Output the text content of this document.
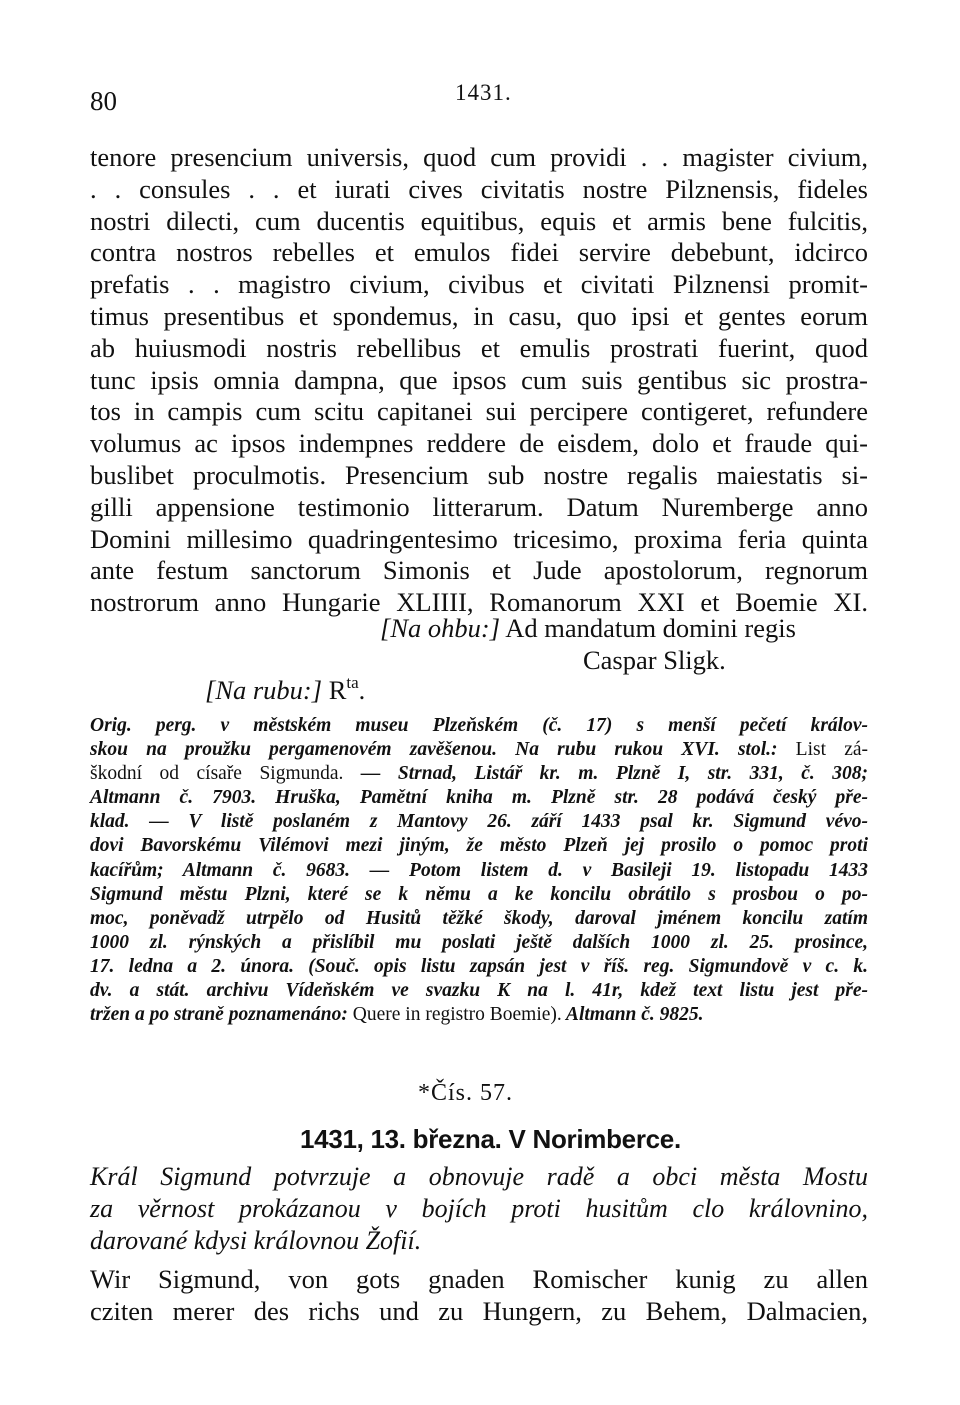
80	1431.
tenore presencium universis, quod cum providi . . magister civium,
. . consules . . et iurati cives civitatis nostre Pilznensis, fideles
nostri dilecti, cum ducentis equitibus, equis et armis bene fulcitis,
contra nostros rebelles et emulos fidei servire debebunt, idcirco
prefatis . . magistro civium, civibus et civitati Pilznensi promit-
timus presentibus et spondemus, in casu, quo ipsi et gentes eorum
ab huiusmodi nostris rebellibus et emulis prostrati fuerint, quod
tunc ipsis omnia dampna, que ipsos cum suis gentibus sic prostra-
tos in campis cum scitu capitanei sui percipere contigeret, refundere
volumus ac ipsos indempnes reddere de eisdem, dolo et fraude qui-
buslibet proculmotis. Presencium sub nostre regalis maiestatis si-
gilli appensione testimonio litterarum. Datum Nuremberge anno
Domini millesimo quadringentesimo tricesimo, proxima feria quinta
ante festum sanctorum Simonis et Jude apostolorum, regnorum
nostrorum anno Hungarie XLIIII, Romanorum XXI et Boemie XI.
[Na ohbu:] Ad mandatum domini regis
Caspar Sligk.
[Na rubu:] $R^{ta}$.
Orig. perg. v městském museu Plzeňském (č. 17) s menší pečetí králov-
skou na proužku pergamenovém zavěšenou. Na rubu rukou XVI. stol.: List zá-
škodní od císaře Sigmunda. — Strnad, Listář kr. m. Plzně I, str. 331, č. 308;
Altmann č. 7903. Hruška, Pamětní kniha m. Plzně str. 28 podává český pře-
klad. — V listě poslaném z Mantovy 26. září 1433 psal kr. Sigmund vévo-
dovi Bavorskému Vilémovi mezi jiným, že město Plzeň jej prosilo o pomoc proti
kacířům; Altmann č. 9683. — Potom listem d. v Basileji 19. listopadu 1433
Sigmund městu Plzni, které se k němu a ke koncilu obrátilo s prosbou o po-
moc, poněvadž utrpělo od Husitů těžké škody, daroval jménem koncilu zatím
1000 zl. rýnských a přislíbil mu poslati ještě dalších 1000 zl. 25. prosince,
17. ledna a 2. února. (Souč. opis listu zapsán jest v říš. reg. Sigmundově v c. k.
dv. a stát. archivu Vídeňském ve svazku K na l. 41r, kdež text listu jest pře-
tržen a po straně poznamenáno: Quere in registro Boemie). Altmann č. 9825.
*Čís. 57.
1431, 13. března. V Norimberce.
Král Sigmund potvrzuje a obnovuje radě a obci města Mostu
za věrnost prokázanou v bojích proti husitům clo královnino,
darované kdysi královnou Žofií.
Wir Sigmund, von gots gnaden Romischer kunig zu allen
cziten merer des richs und zu Hungern, zu Behem, Dalmacien,
